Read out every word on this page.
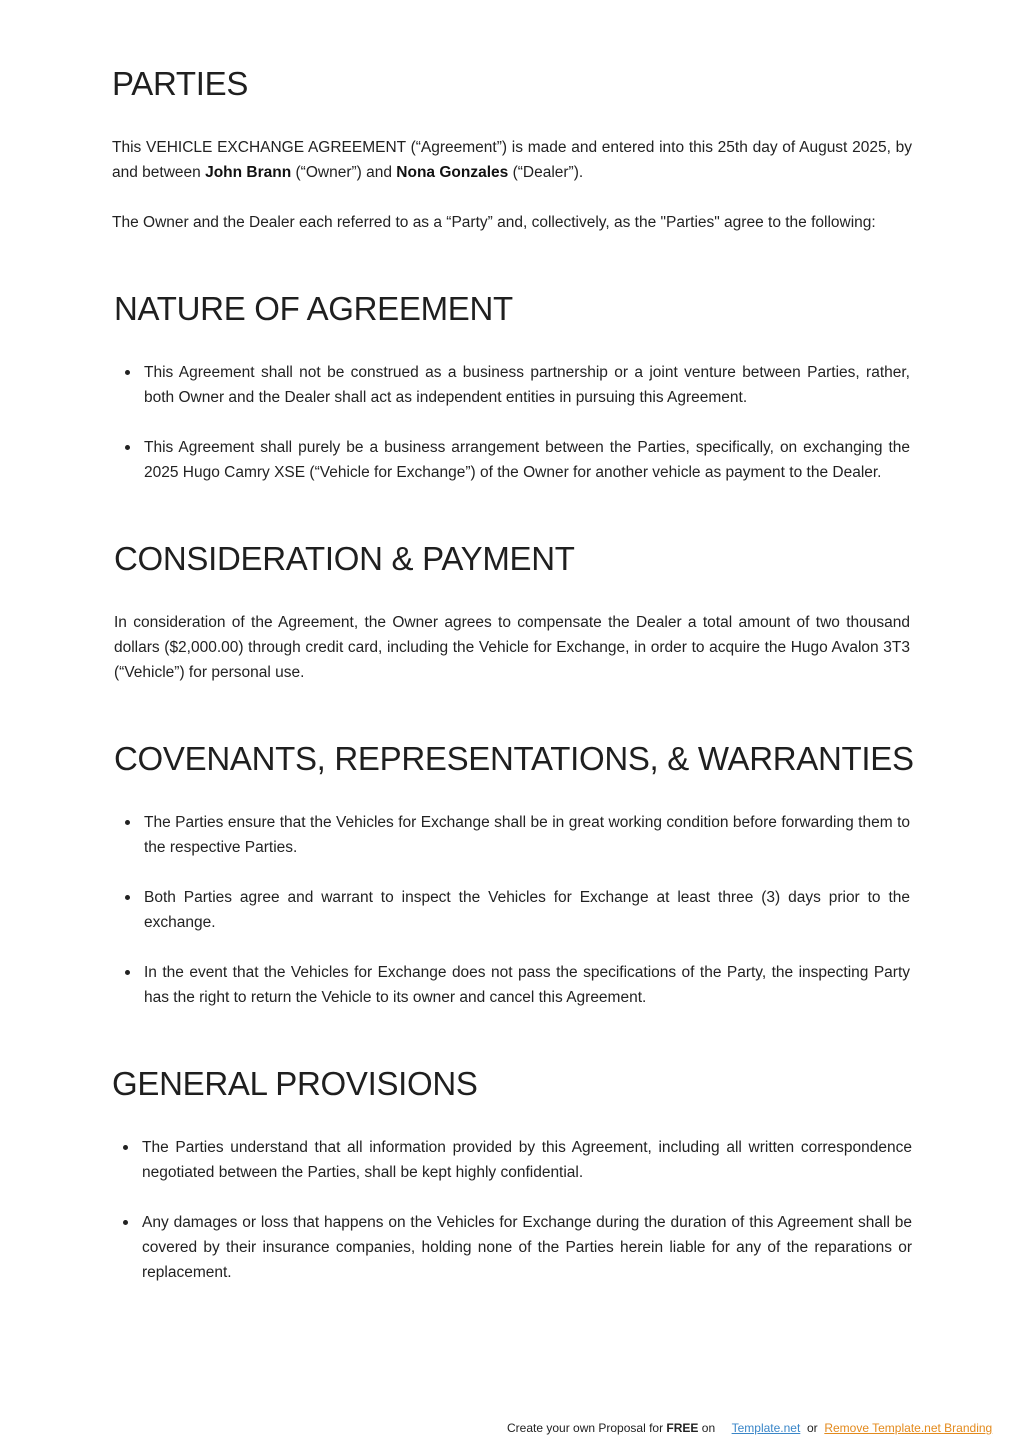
PARTIES

This VEHICLE EXCHANGE AGREEMENT (“Agreement”) is made and entered into this 25th day of August 2025, by and between John Brann (“Owner”) and Nona Gonzales (“Dealer”).

The Owner and the Dealer each referred to as a “Party” and, collectively, as the "Parties" agree to the following:

NATURE OF AGREEMENT
This Agreement shall not be construed as a business partnership or a joint venture between Parties, rather, both Owner and the Dealer shall act as independent entities in pursuing this Agreement.
This Agreement shall purely be a business arrangement between the Parties, specifically, on exchanging the 2025 Hugo Camry XSE (“Vehicle for Exchange”) of the Owner for another vehicle as payment to the Dealer.
CONSIDERATION & PAYMENT

In consideration of the Agreement, the Owner agrees to compensate the Dealer a total amount of two thousand dollars ($2,000.00) through credit card, including the Vehicle for Exchange, in order to acquire the Hugo Avalon 3T3 (“Vehicle”) for personal use.

COVENANTS, REPRESENTATIONS, & WARRANTIES
The Parties ensure that the Vehicles for Exchange shall be in great working condition before forwarding them to the respective Parties.
Both Parties agree and warrant to inspect the Vehicles for Exchange at least three (3) days prior to the exchange.
In the event that the Vehicles for Exchange does not pass the specifications of the Party, the inspecting Party has the right to return the Vehicle to its owner and cancel this Agreement.
GENERAL PROVISIONS
The Parties understand that all information provided by this Agreement, including all written correspondence negotiated between the Parties, shall be kept highly confidential.
Any damages or loss that happens on the Vehicles for Exchange during the duration of this Agreement shall be covered by their insurance companies, holding none of the Parties herein liable for any of the reparations or replacement.
Create your own Proposal for FREE on Template.net or Remove Template.net Branding
